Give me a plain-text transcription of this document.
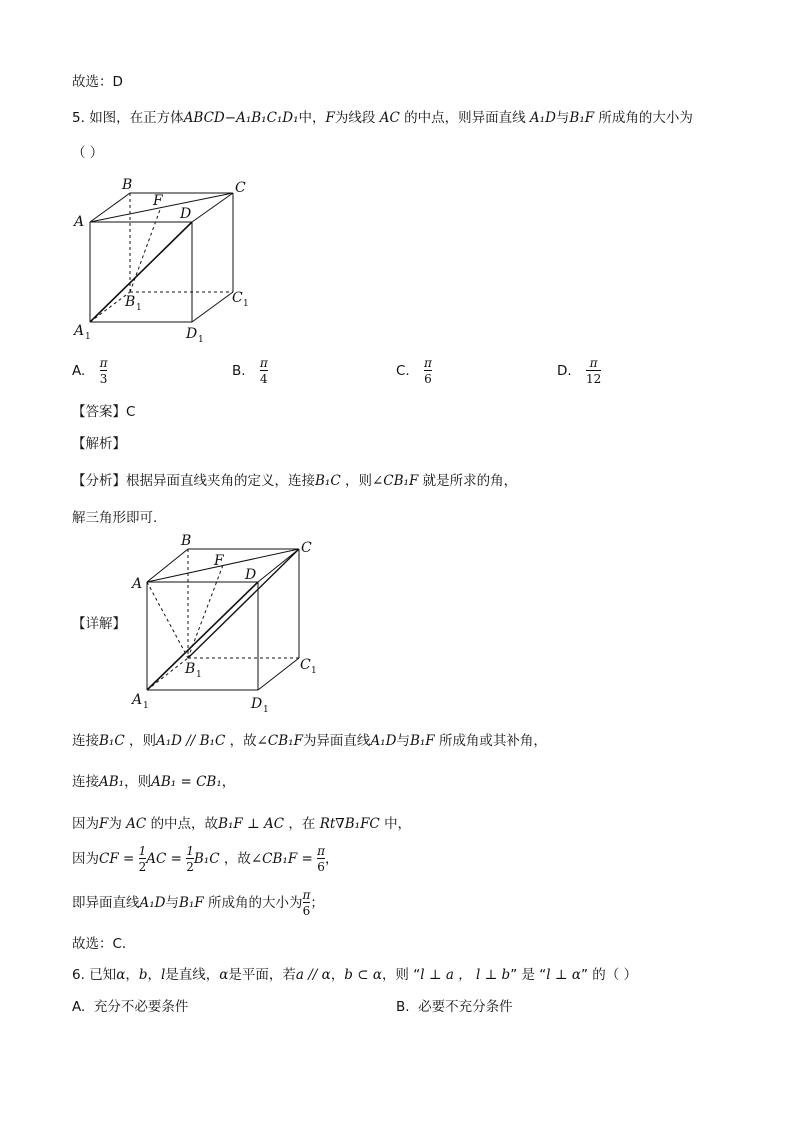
故选：D
5. 如图，在正方体ABCD−A₁B₁C₁D₁中，F为线段 AC 的中点，则异面直线 A₁D与B₁F 所成角的大小为
（ ）
A
B	C
D
F
B 1
C 1
A 1	D 1
A. $\frac{\pi}{3}$	B. $\frac{\pi}{4}$	C. $\frac{\pi}{6}$	D. $\frac{\pi}{12}$
【答案】C
【解析】
【分析】根据异面直线夹角的定义，连接B₁C ，则∠CB₁F 就是所求的角，
解三角形即可.
【详解】
A
B	C
D
F
B 1
C 1
A 1	D 1
连接B₁C ，则A₁D // B₁C ，故∠CB₁F为异面直线A₁D与B₁F 所成角或其补角，
连接AB₁，则AB₁ = CB₁，
因为F为 AC 的中点，故B₁F ⊥ AC ，在 Rt∇B₁FC 中，
因为CF = $\frac{1}{2}$ AC = $\frac{1}{2} B_1C$ ，故∠CB₁F = $\frac{\pi}{6}$ ，
即异面直线A₁D与B₁F 所成角的大小为 $\frac{\pi}{6}$ ；
故选：C．
6. 已知α，b，l是直线，α是平面，若a // α，b ⊂ α，则 “l ⊥ a ， l ⊥ b” 是 “l ⊥ α” 的（ ）
A. 充分不必要条件	B. 必要不充分条件
